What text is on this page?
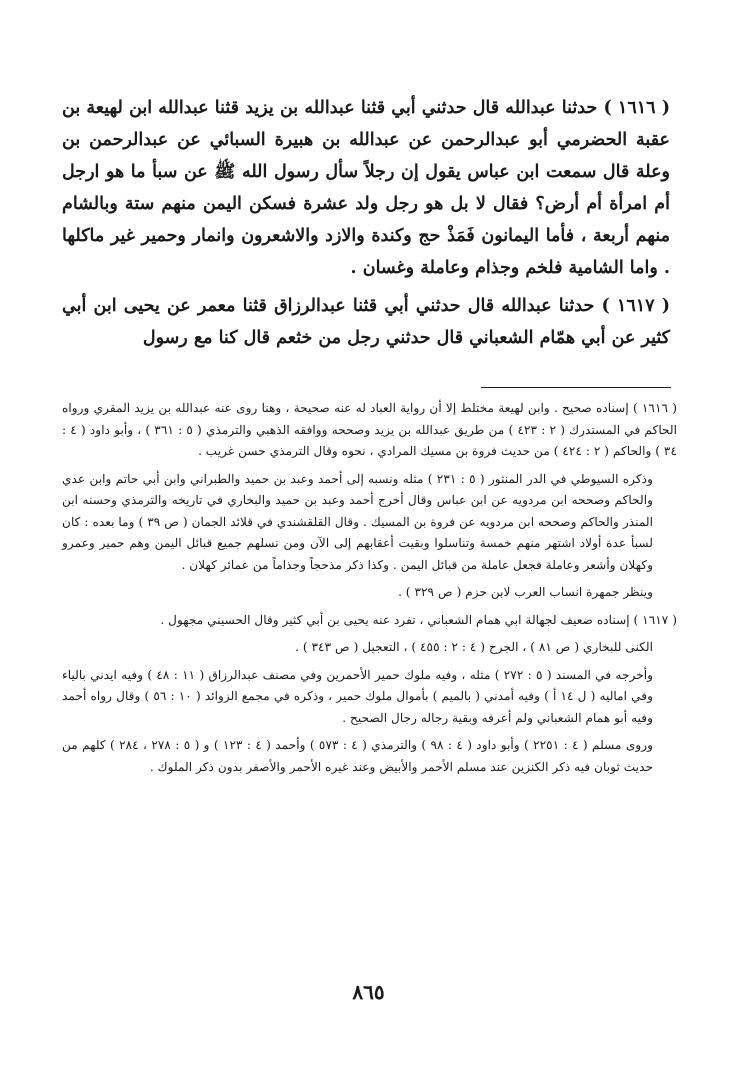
( ١٦١٦ ) حدثنا عبدالله قال حدثني أبي قثنا عبدالله بن يزيد قثنا عبدالله ابن لهيعة بن عقبة الحضرمي أبو عبدالرحمن عن عبدالله بن هبيرة السبائي عن عبدالرحمن بن وعلة قال سمعت ابن عباس يقول إن رجلاً سأل رسول الله ﷺ عن سبأ ما هو ارجل أم امرأة أم أرض؟ فقال لا بل هو رجل ولد عشرة فسكن اليمن منهم ستة وبالشام منهم أربعة ، فأما اليمانون فَمَذْ حج وكندة والازد والاشعرون وانمار وحمير غير ماكلها . واما الشامية فلخم وجذام وعاملة وغسان .

( ١٦١٧ ) حدثنا عبدالله قال حدثني أبي قثنا عبدالرزاق قثنا معمر عن يحيى ابن أبي كثير عن أبي همّام الشعباني قال حدثني رجل من خثعم قال كنا مع رسول

( ١٦١٦ ) إسناده صحيح . وابن لهيعة مختلط إلا أن رواية العباد له عنه صحيحة ، وهنا روى عنه عبدالله بن يزيد المقري ورواه الحاكم في المستدرك ( ٢ : ٤٢٣ ) من طريق عبدالله بن يزيد وصححه ووافقه الذهبي والترمذي ( ٥ : ٣٦١ ) ، وأبو داود ( ٤ : ٣٤ ) والحاكم ( ٢ : ٤٢٤ ) من حديث فروة بن مسيك المرادي ، نحوه وقال الترمذي حسن غريب .
وذكره السيوطي في الدر المنثور ( ٥ : ٢٣١ ) مثله ونسبه إلى أحمد وعبد بن حميد والطبراني وابن أبي حاتم وابن عدي والحاكم وصححه ابن مردويه عن ابن عباس وقال أخرج أحمد وعبد بن حميد والبخاري في تاريخه والترمذي وحسنه ابن المنذر والحاكم وصححه ابن مردويه عن فروة بن المسيك . وقال القلقشندي في قلائد الجمان ( ص ٣٩ ) وما بعده : كان لسبأ عدة أولاد اشتهر منهم خمسة وتناسلوا وبقيت أعقابهم إلى الآن ومن نسلهم جميع قبائل اليمن وهم حمير وعمرو وكهلان وأشعر وعاملة فجعل عاملة من قبائل اليمن . وكذا ذكر مذحجاً وجذاماً من عمائر كهلان .
وينظر جمهرة انساب العرب لابن حزم ( ص ٣٢٩ ) .
( ١٦١٧ ) إسناده ضعيف لجهالة ابي همام الشعباني ، تفرد عنه يحيى بن أبي كثير وقال الحسيني مجهول .
الكنى للبخاري ( ص ٨١ ) ، الجرح ( ٤ : ٢ : ٤٥٥ ) ، التعجيل ( ص ٣٤٣ ) .
وأخرجه في المسند ( ٥ : ٢٧٢ ) مثله ، وفيه ملوك حمير الأحمرين وفي مصنف عبدالرزاق ( ١١ : ٤٨ ) وفيه ايدني بالياء وفي اماليه ( ل ١٤ أ ) وفيه أمدني ( بالميم ) بأموال ملوك حمير ، وذكره في مجمع الزوائد ( ١٠ : ٥٦ ) وقال رواه أحمد وفيه أبو همام الشعباني ولم أعرفه وبقية رجاله رجال الصحيح .
وروى مسلم ( ٤ : ٢٢٥١ ) وأبو داود ( ٤ : ٩٨ ) والترمذي ( ٤ : ٥٧٣ ) وأحمد ( ٤ : ١٢٣ ) و ( ٥ : ٢٧٨ ، ٢٨٤ ) كلهم من حديث ثوبان فيه ذكر الكنزين عند مسلم الأحمر والأبيض وعند غيره الأحمر والأصفر بدون ذكر الملوك .
٨٦٥
